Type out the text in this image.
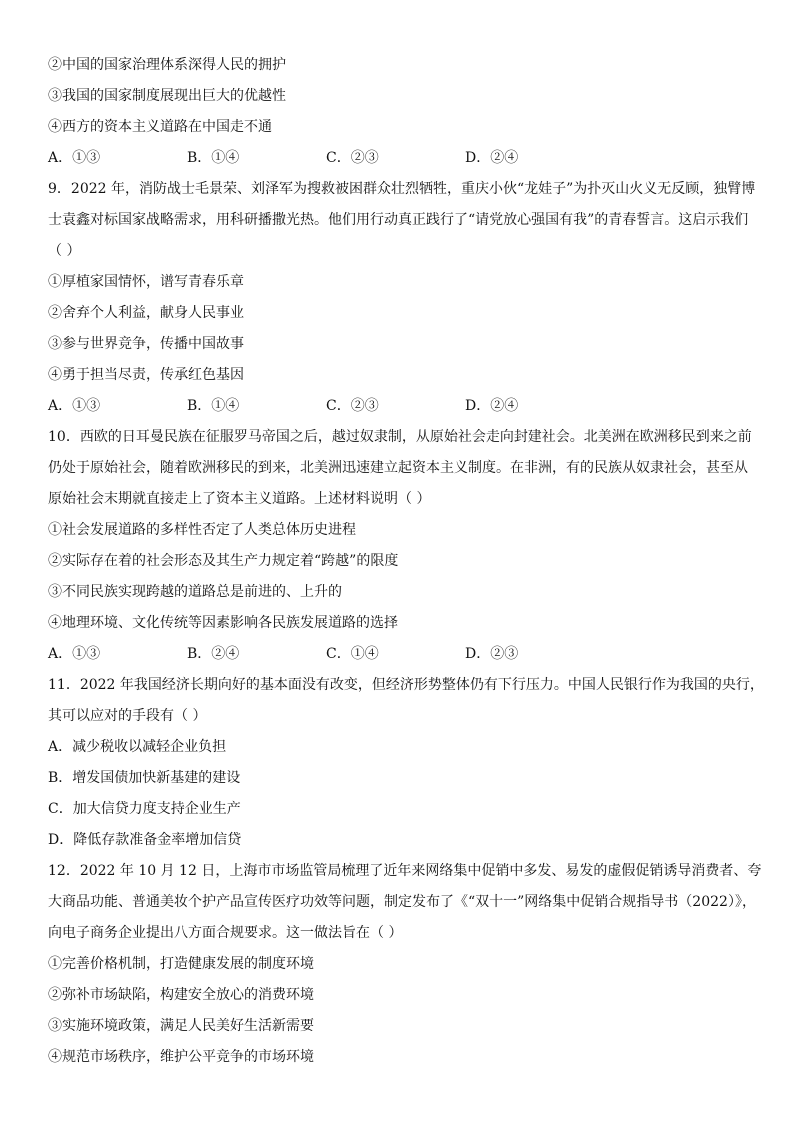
②中国的国家治理体系深得人民的拥护
③我国的国家制度展现出巨大的优越性
④西方的资本主义道路在中国走不通
A．①③	B．①④	C．②③	D．②④
9．2022 年，消防战士毛景荣、刘泽军为搜救被困群众壮烈牺牲，重庆小伙“龙娃子”为扑灭山火义无反顾，独臂博
士袁鑫对标国家战略需求，用科研播撒光热。他们用行动真正践行了“请党放心强国有我”的青春誓言。这启示我们
（ ）
①厚植家国情怀，谱写青春乐章
②舍弃个人利益，献身人民事业
③参与世界竞争，传播中国故事
④勇于担当尽责，传承红色基因
A．①③	B．①④	C．②③	D．②④
10．西欧的日耳曼民族在征服罗马帝国之后，越过奴隶制，从原始社会走向封建社会。北美洲在欧洲移民到来之前
仍处于原始社会，随着欧洲移民的到来，北美洲迅速建立起资本主义制度。在非洲，有的民族从奴隶社会，甚至从
原始社会末期就直接走上了资本主义道路。上述材料说明（ ）
①社会发展道路的多样性否定了人类总体历史进程
②实际存在着的社会形态及其生产力规定着“跨越”的限度
③不同民族实现跨越的道路总是前进的、上升的
④地理环境、文化传统等因素影响各民族发展道路的选择
A．①③	B．②④	C．①④	D．②③
11．2022 年我国经济长期向好的基本面没有改变，但经济形势整体仍有下行压力。中国人民银行作为我国的央行，
其可以应对的手段有（ ）
A．减少税收以减轻企业负担
B．增发国债加快新基建的建设
C．加大信贷力度支持企业生产
D．降低存款准备金率增加信贷
12．2022 年 10 月 12 日，上海市市场监管局梳理了近年来网络集中促销中多发、易发的虚假促销诱导消费者、夸
大商品功能、普通美妆个护产品宣传医疗功效等问题，制定发布了《“双十一”网络集中促销合规指导书（2022）》，
向电子商务企业提出八方面合规要求。这一做法旨在（ ）
①完善价格机制，打造健康发展的制度环境
②弥补市场缺陷，构建安全放心的消费环境
③实施环境政策，满足人民美好生活新需要
④规范市场秩序，维护公平竞争的市场环境
